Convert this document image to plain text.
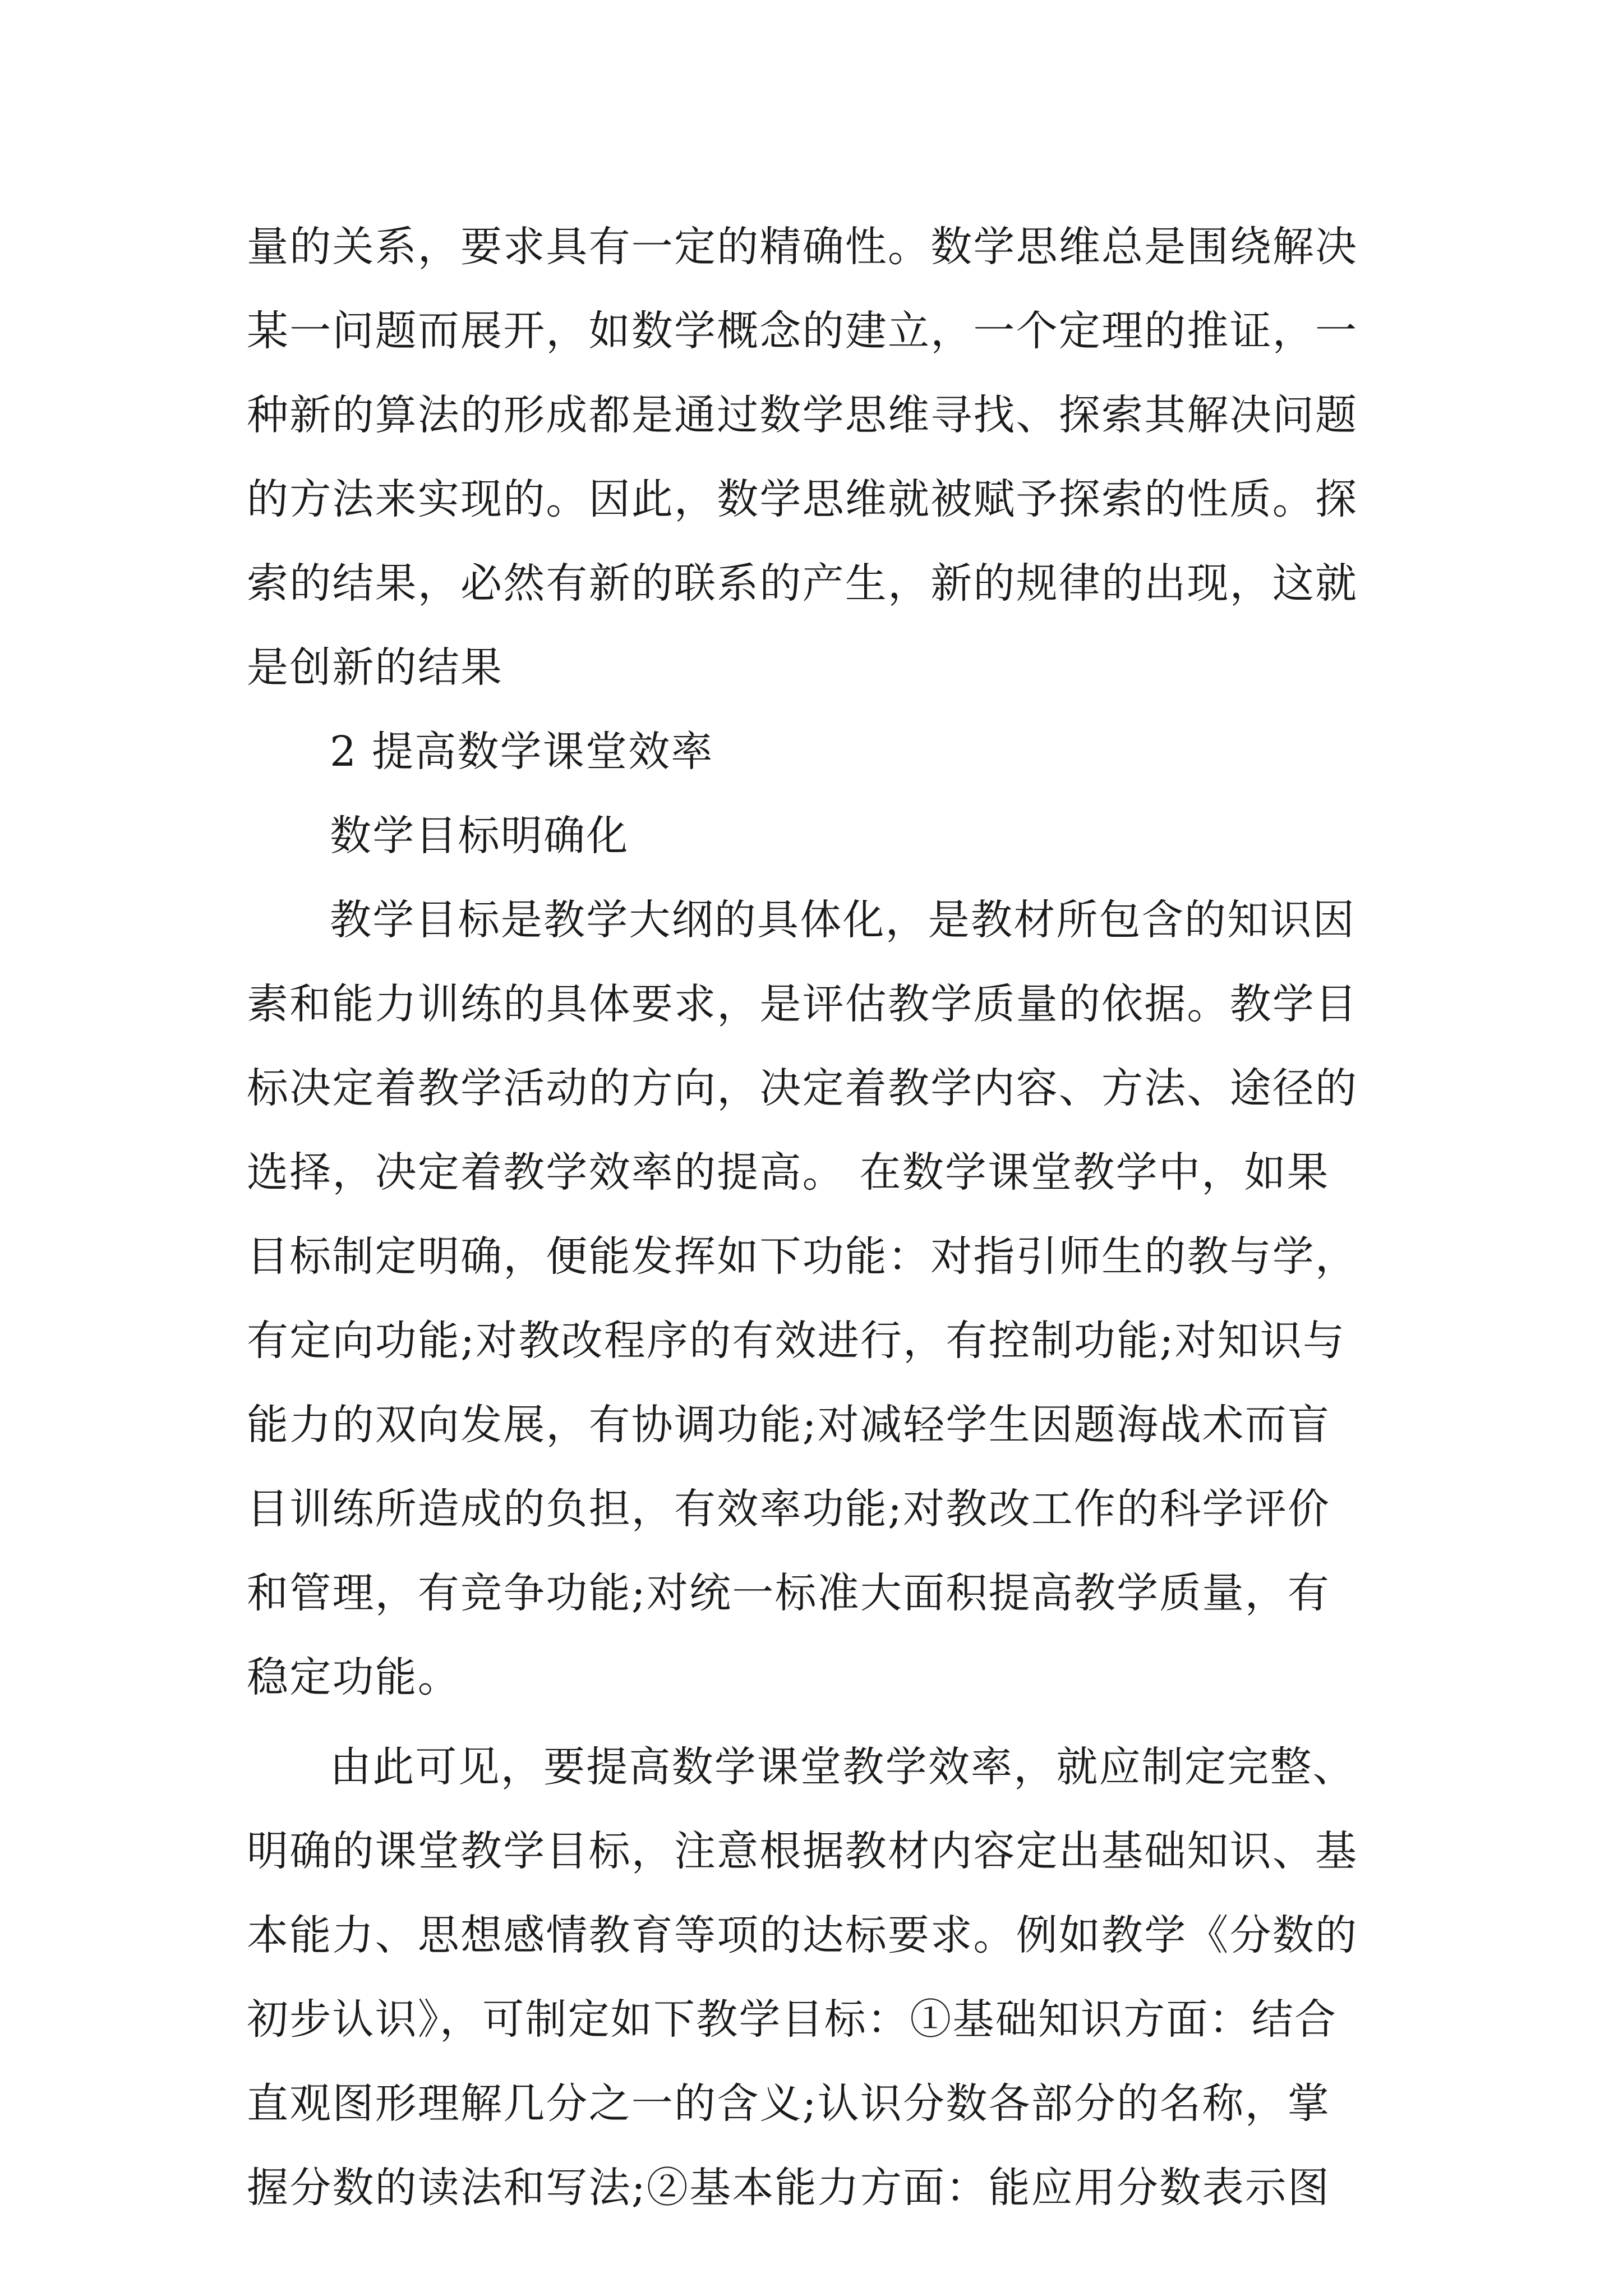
量的关系，要求具有一定的精确性。数学思维总是围绕解决
某一问题而展开，如数学概念的建立，一个定理的推证，一
种新的算法的形成都是通过数学思维寻找、探索其解决问题
的方法来实现的。因此，数学思维就被赋予探索的性质。探
索的结果，必然有新的联系的产生，新的规律的出现，这就
是创新的结果
2 提高数学课堂效率
数学目标明确化
教学目标是教学大纲的具体化，是教材所包含的知识因
素和能力训练的具体要求，是评估教学质量的依据。教学目
标决定着教学活动的方向，决定着教学内容、方法、途径的
选择，决定着教学效率的提高。 在数学课堂教学中，如果
目标制定明确，便能发挥如下功能：对指引师生的教与学，
有定向功能;对教改程序的有效进行，有控制功能;对知识与
能力的双向发展，有协调功能;对减轻学生因题海战术而盲
目训练所造成的负担，有效率功能;对教改工作的科学评价
和管理，有竞争功能;对统一标准大面积提高教学质量，有
稳定功能。
由此可见，要提高数学课堂教学效率，就应制定完整、
明确的课堂教学目标，注意根据教材内容定出基础知识、基
本能力、思想感情教育等项的达标要求。例如教学《分数的
初步认识》，可制定如下教学目标：①基础知识方面：结合
直观图形理解几分之一的含义;认识分数各部分的名称，掌
握分数的读法和写法;②基本能力方面：能应用分数表示图
